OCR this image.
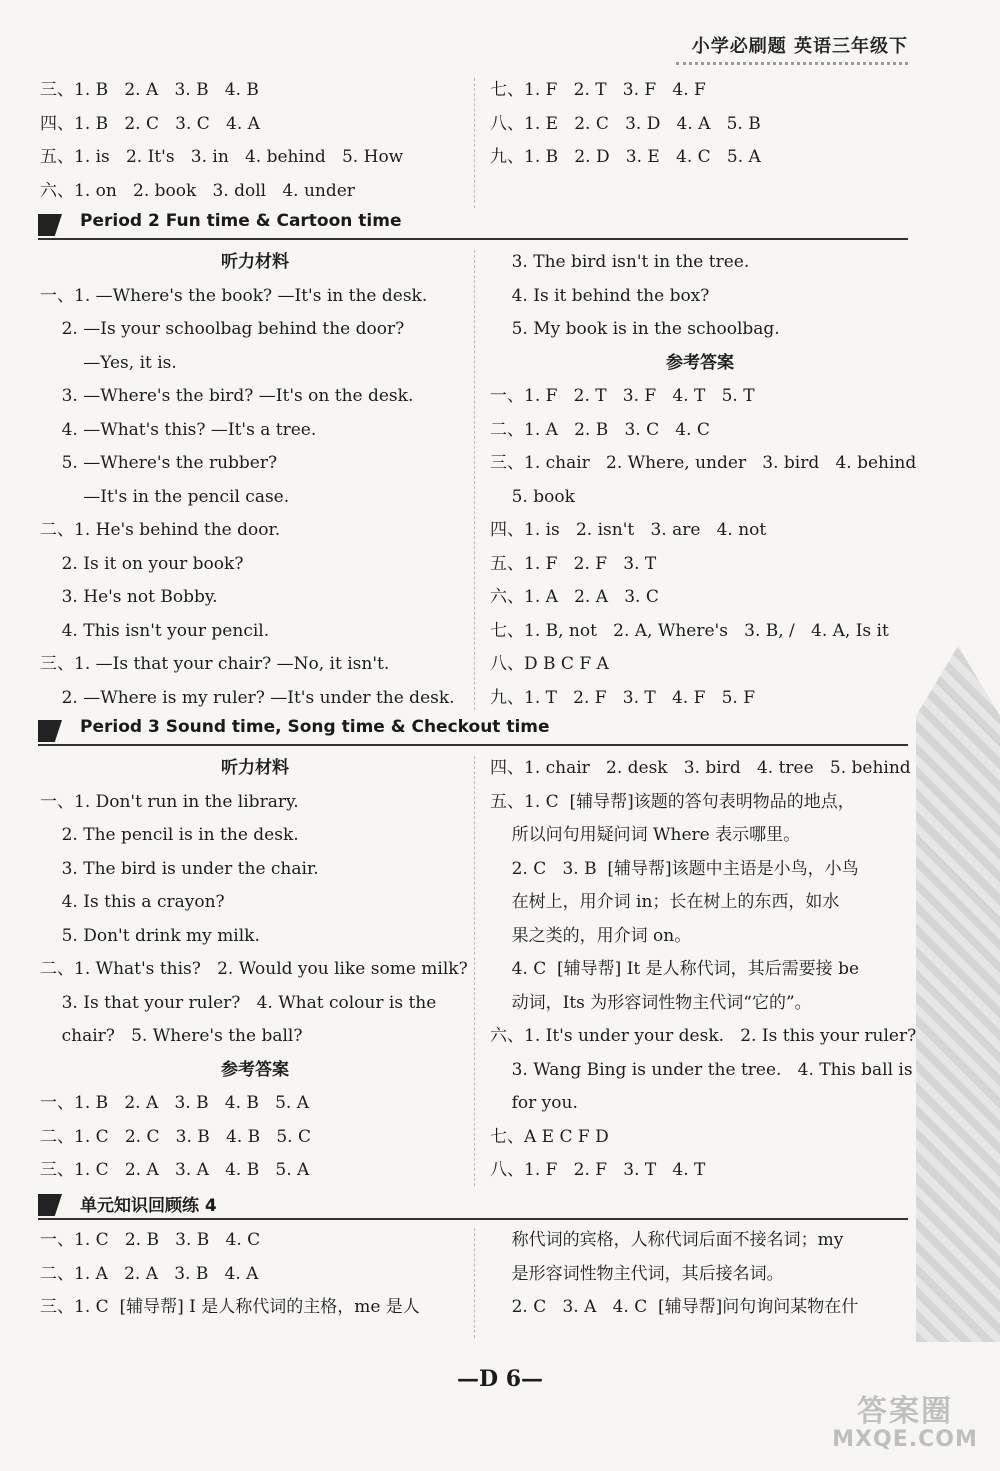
小学必刷题 英语三年级下
三、1. B   2. A   3. B   4. B
四、1. B   2. C   3. C   4. A
五、1. is   2. It's   3. in   4. behind   5. How
六、1. on   2. book   3. doll   4. under
七、1. F   2. T   3. F   4. F
八、1. E   2. C   3. D   4. A   5. B
九、1. B   2. D   3. E   4. C   5. A
Period 2 Fun time & Cartoon time
听力材料
一、1. —Where's the book? —It's in the desk.
2. —Is your schoolbag behind the door?
—Yes, it is.
3. —Where's the bird? —It's on the desk.
4. —What's this? —It's a tree.
5. —Where's the rubber?
—It's in the pencil case.
二、1. He's behind the door.
2. Is it on your book?
3. He's not Bobby.
4. This isn't your pencil.
三、1. —Is that your chair? —No, it isn't.
2. —Where is my ruler? —It's under the desk.
3. The bird isn't in the tree.
4. Is it behind the box?
5. My book is in the schoolbag.
参考答案
一、1. F   2. T   3. F   4. T   5. T
二、1. A   2. B   3. C   4. C
三、1. chair   2. Where, under   3. bird   4. behind
5. book
四、1. is   2. isn't   3. are   4. not
五、1. F   2. F   3. T
六、1. A   2. A   3. C
七、1. B, not   2. A, Where's   3. B, /   4. A, Is it
八、D B C F A
九、1. T   2. F   3. T   4. F   5. F
Period 3 Sound time, Song time & Checkout time
听力材料
一、1. Don't run in the library.
2. The pencil is in the desk.
3. The bird is under the chair.
4. Is this a crayon?
5. Don't drink my milk.
二、1. What's this?   2. Would you like some milk?
3. Is that your ruler?   4. What colour is the
chair?   5. Where's the ball?
参考答案
一、1. B   2. A   3. B   4. B   5. A
二、1. C   2. C   3. B   4. B   5. C
三、1. C   2. A   3. A   4. B   5. A
四、1. chair   2. desk   3. bird   4. tree   5. behind
五、1. C  [辅导帮]该题的答句表明物品的地点，
所以问句用疑问词 Where 表示哪里。
2. C   3. B  [辅导帮]该题中主语是小鸟，小鸟
在树上，用介词 in；长在树上的东西，如水
果之类的，用介词 on。
4. C  [辅导帮] It 是人称代词，其后需要接 be
动词，Its 为形容词性物主代词“它的”。
六、1. It's under your desk.   2. Is this your ruler?
3. Wang Bing is under the tree.   4. This ball is
for you.
七、A E C F D
八、1. F   2. F   3. T   4. T
单元知识回顾练 4
一、1. C   2. B   3. B   4. C
二、1. A   2. A   3. B   4. A
三、1. C  [辅导帮] I 是人称代词的主格，me 是人
称代词的宾格，人称代词后面不接名词；my
是形容词性物主代词，其后接名词。
2. C   3. A   4. C  [辅导帮]问句询问某物在什
—D 6—
答案圈
MXQE.COM
